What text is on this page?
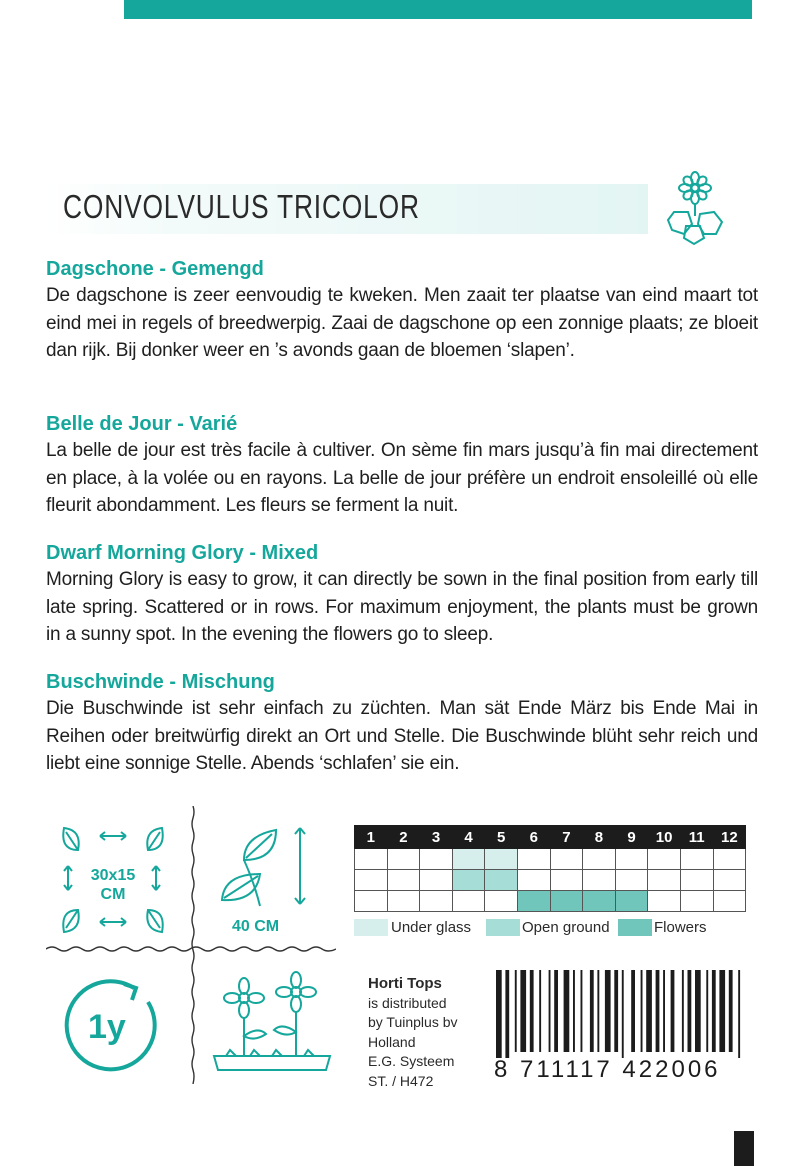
CONVOLVULUS TRICOLOR
Dagschone - Gemengd

De dagschone is zeer eenvoudig te kweken. Men zaait ter plaatse van eind maart tot eind mei in regels of breedwerpig. Zaai de dagschone op een zonnige plaats; ze bloeit dan rijk. Bij donker weer en ’s avonds gaan de bloemen ‘slapen’.

Belle de Jour - Varié

La belle de jour est très facile à cultiver. On sème fin mars jusqu’à fin mai directement en place, à la volée ou en rayons. La belle de jour préfère un endroit ensoleillé où elle fleurit abondamment. Les fleurs se ferment la nuit.

Dwarf Morning Glory - Mixed

Morning Glory is easy to grow, it can directly be sown in the final position from early till late spring. Scattered or in rows. For maximum enjoyment, the plants must be grown in a sunny spot. In the evening the flowers go to sleep.

Buschwinde - Mischung

Die Buschwinde ist sehr einfach zu züchten. Man sät Ende März bis Ende Mai in Reihen oder breitwürfig direkt an Ort und Stelle. Die Buschwinde blüht sehr reich und liebt eine sonnige Stelle. Abends ‘schlafen’ sie ein.

30x15
CM
40 CM
1y
1	2	3	4	5	6	7	8	9	10	11	12

Under glass	Open ground	Flowers
Horti Tops
is distributed
by Tuinplus bv
Holland
E.G. Systeem
ST. / H472	8 711117 422006
